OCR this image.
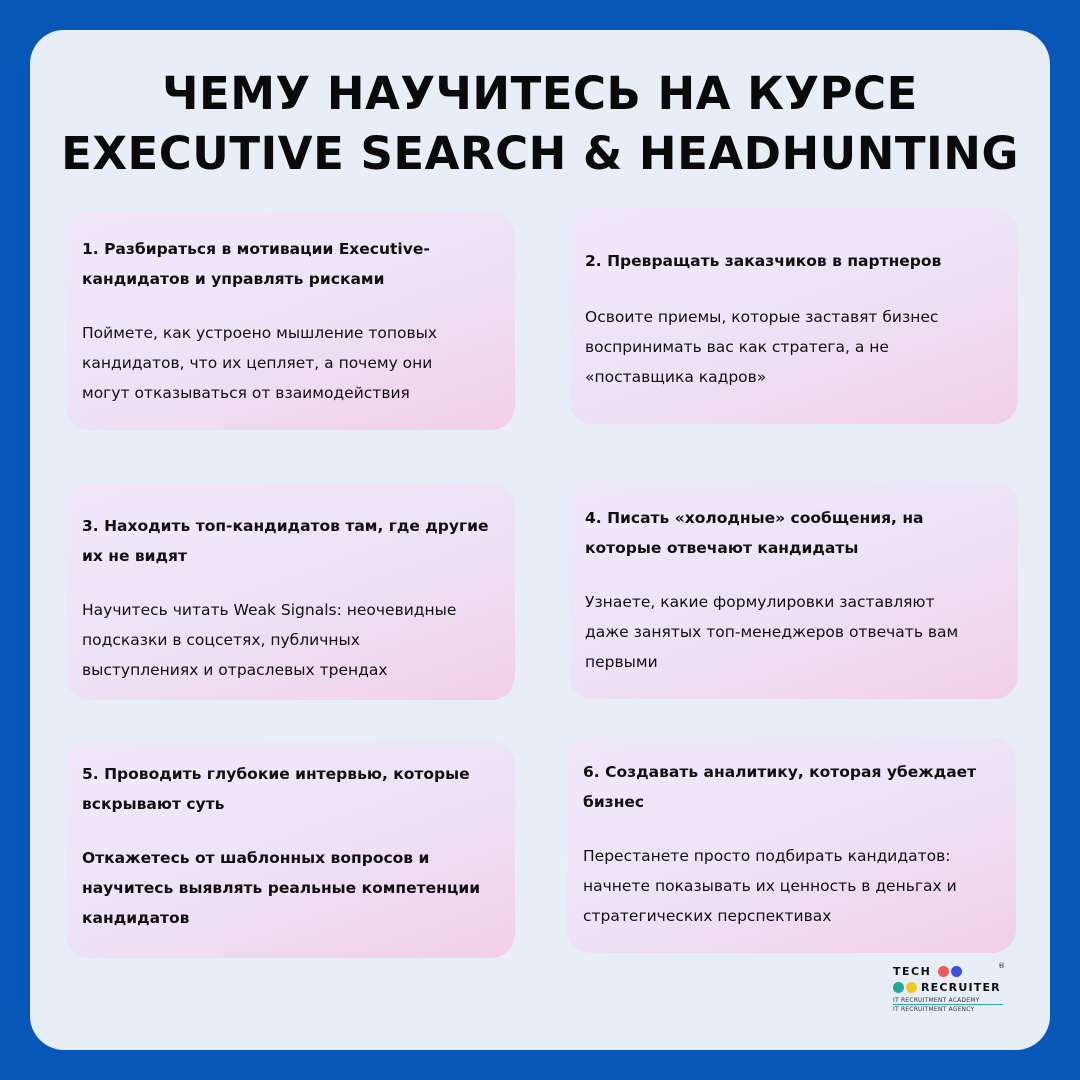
ЧЕМУ НАУЧИТЕСЬ НА КУРСЕ
EXECUTIVE SEARCH & HEADHUNTING
1. Разбираться в мотивации Executive-
кандидатов и управлять рисками

Поймете, как устроено мышление топовых
кандидатов, что их цепляет, а почему они
могут отказываться от взаимодействия

2. Превращать заказчиков в партнеров

Освоите приемы, которые заставят бизнес
воспринимать вас как стратега, а не
«поставщика кадров»

3. Находить топ-кандидатов там, где другие
их не видят

Научитесь читать Weak Signals: неочевидные
подсказки в соцсетях, публичных
выступлениях и отраслевых трендах

4. Писать «холодные» сообщения, на
которые отвечают кандидаты

Узнаете, какие формулировки заставляют
даже занятых топ-менеджеров отвечать вам
первыми

5. Проводить глубокие интервью, которые
вскрывают суть

Откажетесь от шаблонных вопросов и
научитесь выявлять реальные компетенции
кандидатов

6. Создавать аналитику, которая убеждает
бизнес

Перестанете просто подбирать кандидатов:
начнете показывать их ценность в деньгах и
стратегических перспективах

TECH
RECRUITER
®
IT RECRUITMENT ACADEMY
IT RECRUITMENT AGENCY
